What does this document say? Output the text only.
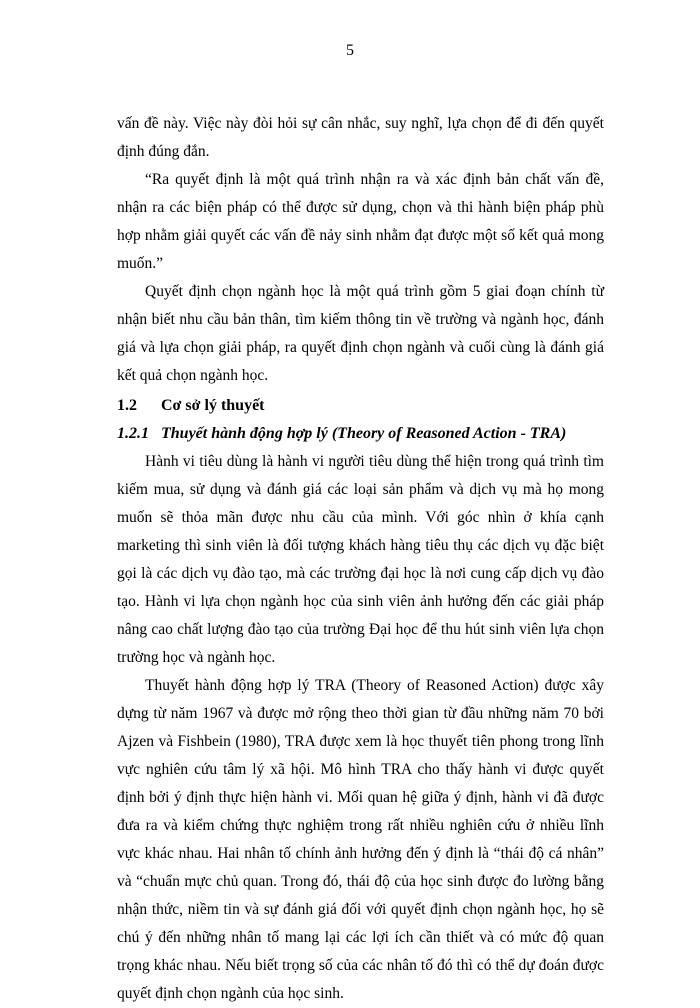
5

vấn đề này. Việc này đòi hỏi sự cân nhắc, suy nghĩ, lựa chọn để đi đến quyết định đúng đắn.

“Ra quyết định là một quá trình nhận ra và xác định bản chất vấn đề, nhận ra các biện pháp có thể được sử dụng, chọn và thi hành biện pháp phù hợp nhằm giải quyết các vấn đề nảy sinh nhằm đạt được một số kết quả mong muốn.”

Quyết định chọn ngành học là một quá trình gồm 5 giai đoạn chính từ nhận biết nhu cầu bản thân, tìm kiếm thông tin về trường và ngành học, đánh giá và lựa chọn giải pháp, ra quyết định chọn ngành và cuối cùng là đánh giá kết quả chọn ngành học.

1.2 Cơ sở lý thuyết
1.2.1 Thuyết hành động hợp lý (Theory of Reasoned Action - TRA)

Hành vi tiêu dùng là hành vi người tiêu dùng thể hiện trong quá trình tìm kiếm mua, sử dụng và đánh giá các loại sản phẩm và dịch vụ mà họ mong muốn sẽ thỏa mãn được nhu cầu của mình. Với góc nhìn ở khía cạnh marketing thì sinh viên là đối tượng khách hàng tiêu thụ các dịch vụ đặc biệt gọi là các dịch vụ đào tạo, mà các trường đại học là nơi cung cấp dịch vụ đào tạo. Hành vi lựa chọn ngành học của sinh viên ảnh hưởng đến các giải pháp nâng cao chất lượng đào tạo của trường Đại học để thu hút sinh viên lựa chọn trường học và ngành học.

Thuyết hành động hợp lý TRA (Theory of Reasoned Action) được xây dựng từ năm 1967 và được mở rộng theo thời gian từ đầu những năm 70 bởi Ajzen và Fishbein (1980), TRA được xem là học thuyết tiên phong trong lĩnh vực nghiên cứu tâm lý xã hội. Mô hình TRA cho thấy hành vi được quyết định bởi ý định thực hiện hành vi. Mối quan hệ giữa ý định, hành vi đã được đưa ra và kiểm chứng thực nghiệm trong rất nhiều nghiên cứu ở nhiều lĩnh vực khác nhau. Hai nhân tố chính ảnh hưởng đến ý định là “thái độ cá nhân” và “chuẩn mực chủ quan. Trong đó, thái độ của học sinh được đo lường bằng nhận thức, niềm tin và sự đánh giá đối với quyết định chọn ngành học, họ sẽ chú ý đến những nhân tố mang lại các lợi ích cần thiết và có mức độ quan trọng khác nhau. Nếu biết trọng số của các nhân tố đó thì có thể dự đoán được quyết định chọn ngành của học sinh.
